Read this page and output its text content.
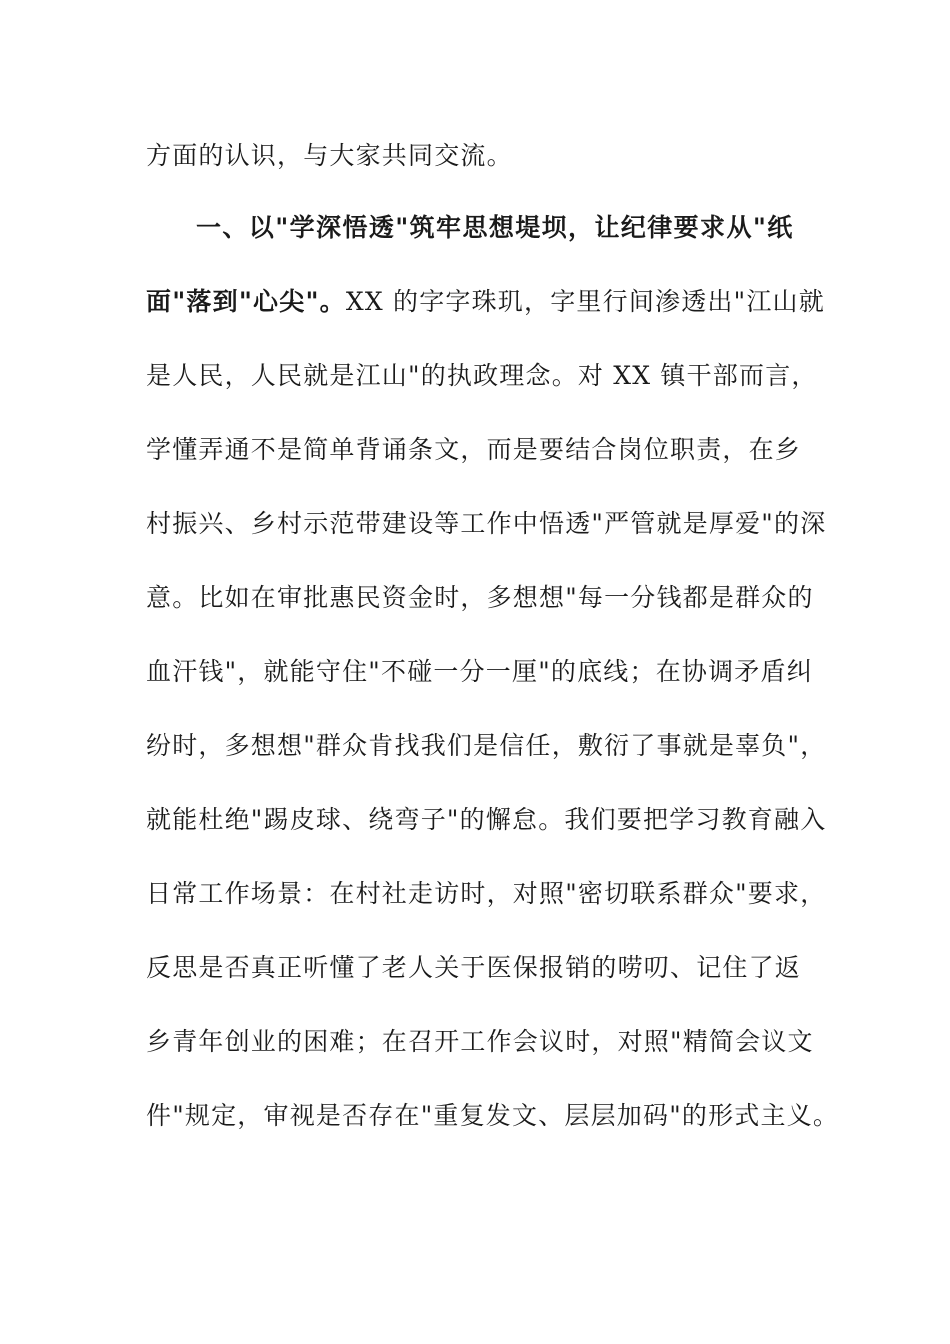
方面的认识，与大家共同交流。
一、以"学深悟透"筑牢思想堤坝，让纪律要求从"纸
面"落到"心尖"。XX 的字字珠玑，字里行间渗透出"江山就
是人民，人民就是江山"的执政理念。对 XX 镇干部而言，
学懂弄通不是简单背诵条文，而是要结合岗位职责，在乡
村振兴、乡村示范带建设等工作中悟透"严管就是厚爱"的深
意。比如在审批惠民资金时，多想想"每一分钱都是群众的
血汗钱"，就能守住"不碰一分一厘"的底线；在协调矛盾纠
纷时，多想想"群众肯找我们是信任，敷衍了事就是辜负"，
就能杜绝"踢皮球、绕弯子"的懈怠。我们要把学习教育融入
日常工作场景：在村社走访时，对照"密切联系群众"要求，
反思是否真正听懂了老人关于医保报销的唠叨、记住了返
乡青年创业的困难；在召开工作会议时，对照"精简会议文
件"规定，审视是否存在"重复发文、层层加码"的形式主义。
